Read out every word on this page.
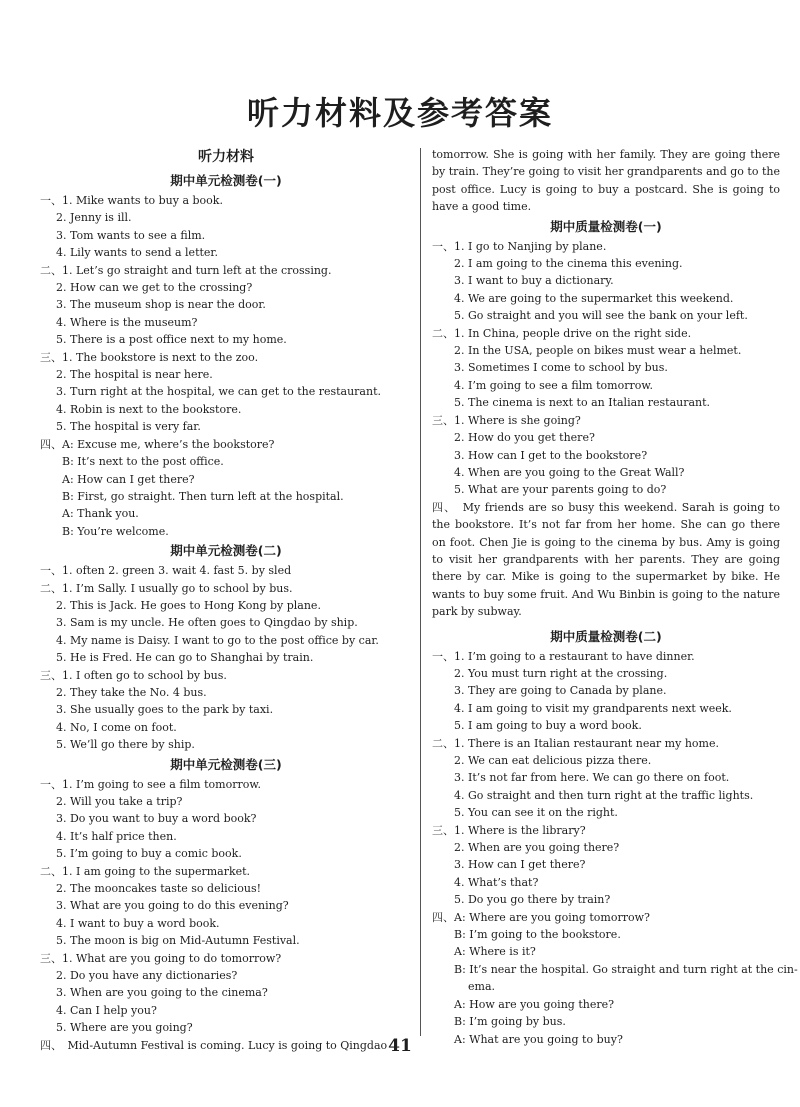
听力材料及参考答案
听力材料
期中单元检测卷(一)
一、1. Mike wants to buy a book.
2. Jenny is ill.
3. Tom wants to see a film.
4. Lily wants to send a letter.
二、1. Let’s go straight and turn left at the crossing.
2. How can we get to the crossing?
3. The museum shop is near the door.
4. Where is the museum?
5. There is a post office next to my home.
三、1. The bookstore is next to the zoo.
2. The hospital is near here.
3. Turn right at the hospital, we can get to the restaurant.
4. Robin is next to the bookstore.
5. The hospital is very far.
四、A: Excuse me, where’s the bookstore?
B: It’s next to the post office.
A: How can I get there?
B: First, go straight. Then turn left at the hospital.
A: Thank you.
B: You’re welcome.
期中单元检测卷(二)
一、1. often 2. green 3. wait 4. fast 5. by sled
二、1. I’m Sally. I usually go to school by bus.
2. This is Jack. He goes to Hong Kong by plane.
3. Sam is my uncle. He often goes to Qingdao by ship.
4. My name is Daisy. I want to go to the post office by car.
5. He is Fred. He can go to Shanghai by train.
三、1. I often go to school by bus.
2. They take the No. 4 bus.
3. She usually goes to the park by taxi.
4. No, I come on foot.
5. We’ll go there by ship.
期中单元检测卷(三)
一、1. I’m going to see a film tomorrow.
2. Will you take a trip?
3. Do you want to buy a word book?
4. It’s half price then.
5. I’m going to buy a comic book.
二、1. I am going to the supermarket.
2. The mooncakes taste so delicious!
3. What are you going to do this evening?
4. I want to buy a word book.
5. The moon is big on Mid-Autumn Festival.
三、1. What are you going to do tomorrow?
2. Do you have any dictionaries?
3. When are you going to the cinema?
4. Can I help you?
5. Where are you going?
四、　Mid-Autumn Festival is coming. Lucy is going to Qingdao
tomorrow. She is going with her family. They are going there by train. They’re going to visit her grandparents and go to the post office. Lucy is going to buy a postcard. She is going to have a good time.
期中质量检测卷(一)
一、1. I go to Nanjing by plane.
2. I am going to the cinema this evening.
3. I want to buy a dictionary.
4. We are going to the supermarket this weekend.
5. Go straight and you will see the bank on your left.
二、1. In China, people drive on the right side.
2. In the USA, people on bikes must wear a helmet.
3. Sometimes I come to school by bus.
4. I’m going to see a film tomorrow.
5. The cinema is next to an Italian restaurant.
三、1. Where is she going?
2. How do you get there?
3. How can I get to the bookstore?
4. When are you going to the Great Wall?
5. What are your parents going to do?
四、　My friends are so busy this weekend. Sarah is going to the bookstore. It’s not far from her home. She can go there on foot. Chen Jie is going to the cinema by bus. Amy is going to visit her grandparents with her parents. They are going there by car. Mike is going to the supermarket by bike. He wants to buy some fruit. And Wu Binbin is going to the nature park by subway.
期中质量检测卷(二)
一、1. I’m going to a restaurant to have dinner.
2. You must turn right at the crossing.
3. They are going to Canada by plane.
4. I am going to visit my grandparents next week.
5. I am going to buy a word book.
二、1. There is an Italian restaurant near my home.
2. We can eat delicious pizza there.
3. It’s not far from here. We can go there on foot.
4. Go straight and then turn right at the traffic lights.
5. You can see it on the right.
三、1. Where is the library?
2. When are you going there?
3. How can I get there?
4. What’s that?
5. Do you go there by train?
四、A: Where are you going tomorrow?
B: I’m going to the bookstore.
A: Where is it?
B: It’s near the hospital. Go straight and turn right at the cin-
ema.
A: How are you going there?
B: I’m going by bus.
A: What are you going to buy?
41
